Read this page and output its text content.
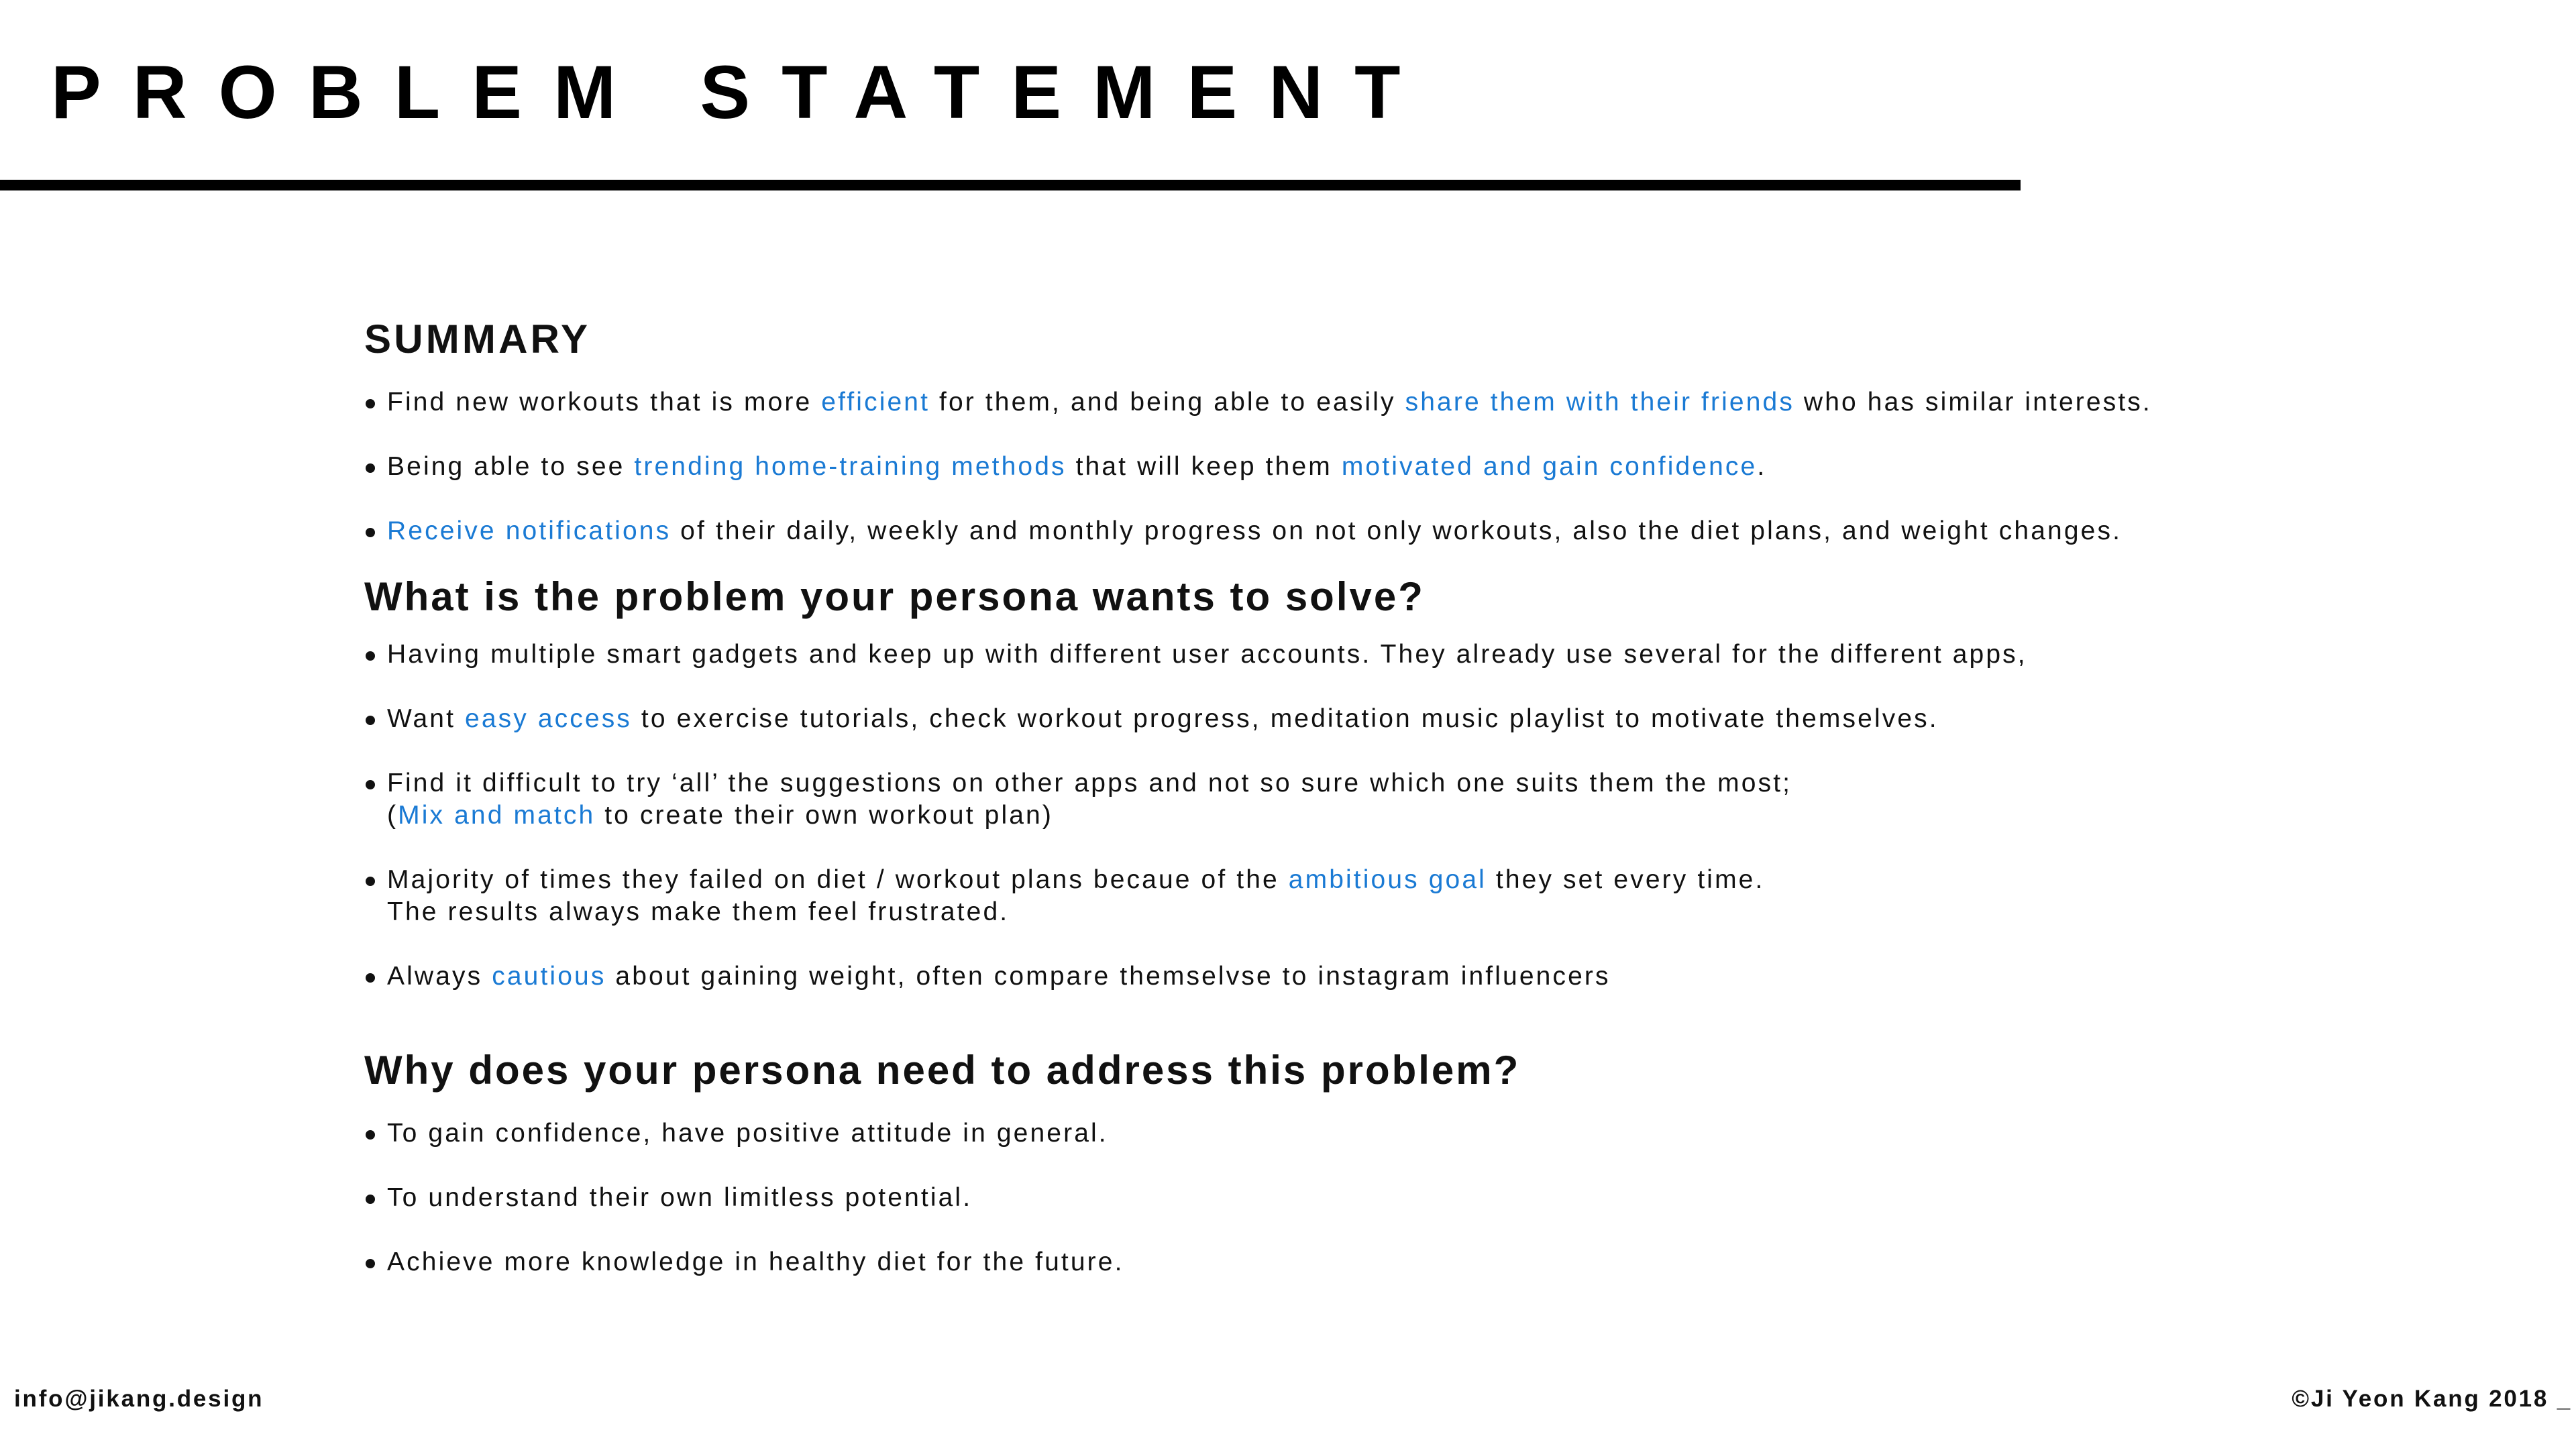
PROBLEM STATEMENT
SUMMARY
Find new workouts that is more efficient for them, and being able to easily share them with their friends who has similar interests.
Being able to see trending home-training methods that will keep them motivated and gain confidence.
Receive notifications of their daily, weekly and monthly progress on not only workouts, also the diet plans, and weight changes.
What is the problem your persona wants to solve?
Having multiple smart gadgets and keep up with different user accounts. They already use several for the different apps,
Want easy access to exercise tutorials, check workout progress, meditation music playlist to motivate themselves.
Find it difficult to try ‘all’ the suggestions on other apps and not so sure which one suits them the most;
(Mix and match to create their own workout plan)
Majority of times they failed on diet / workout plans becaue of the ambitious goal they set every time.
The results always make them feel frustrated.
Always cautious about gaining weight, often compare themselvse to instagram influencers
Why does your persona need to address this problem?
To gain confidence, have positive attitude in general.
To understand their own limitless potential.
Achieve more knowledge in healthy diet for the future.
info@jikang.design	©Ji Yeon Kang 2018 _
